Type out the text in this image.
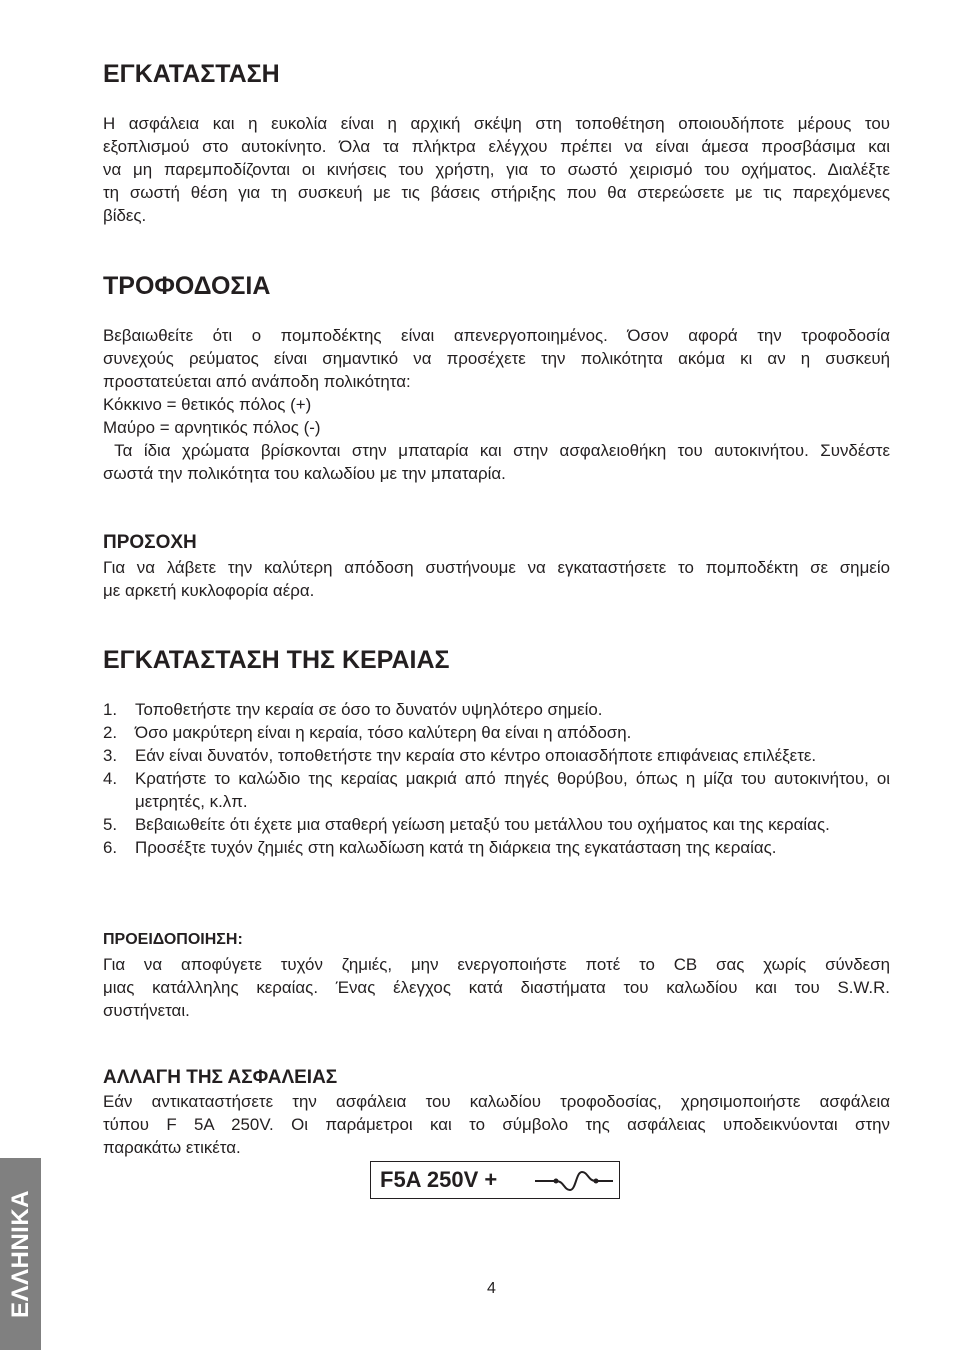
ΕΓΚΑΤΑΣΤΑΣΗ
Η ασφάλεια και η ευκολία είναι η αρχική σκέψη στη τοποθέτηση οποιουδήποτε μέρους του
εξοπλισμού στο αυτοκίνητο. Όλα τα πλήκτρα ελέγχου πρέπει να είναι άμεσα προσβάσιμα και
να μη παρεμποδίζονται οι κινήσεις του χρήστη, για το σωστό χειρισμό του οχήματος. Διαλέξτε
τη σωστή θέση για τη συσκευή με τις βάσεις στήριξης που θα στερεώσετε με τις παρεχόμενες
βίδες.
ΤΡΟΦΟΔΟΣΙΑ
Βεβαιωθείτε ότι ο πομποδέκτης είναι απενεργοποιημένος. Όσον αφορά την τροφοδοσία
συνεχούς ρεύματος είναι σημαντικό να προσέχετε την πολικότητα ακόμα κι αν η συσκευή
προστατεύεται από ανάποδη πολικότητα:
Κόκκινο = θετικός πόλος (+)
Μαύρο = αρνητικός πόλος (-)
Τα ίδια χρώματα βρίσκονται στην μπαταρία και στην ασφαλειοθήκη του αυτοκινήτου. Συνδέστε
σωστά την πολικότητα του καλωδίου με την μπαταρία.
ΠΡΟΣΟΧΗ
Για να λάβετε την καλύτερη απόδοση συστήνουμε να εγκαταστήσετε το πομποδέκτη σε σημείο
με αρκετή κυκλοφορία αέρα.
ΕΓΚΑΤΑΣΤΑΣΗ ΤΗΣ ΚΕΡΑΙΑΣ
1. Τοποθετήστε την κεραία σε όσο το δυνατόν υψηλότερο σημείο.
2. Όσο μακρύτερη είναι η κεραία, τόσο καλύτερη θα είναι η απόδοση.
3. Εάν είναι δυνατόν, τοποθετήστε την κεραία στο κέντρο οποιασδήποτε επιφάνειας επιλέξετε.
4. Κρατήστε το καλώδιο της κεραίας μακριά από πηγές θορύβου, όπως η μίζα του αυτοκινήτου, οι μετρητές, κ.λπ.
5. Βεβαιωθείτε ότι έχετε μια σταθερή γείωση μεταξύ του μετάλλου του οχήματος και της κεραίας.
6. Προσέξτε τυχόν ζημιές στη καλωδίωση κατά τη διάρκεια της εγκατάσταση της κεραίας.
ΠΡΟΕΙΔΟΠΟΙΗΣΗ:
Για να αποφύγετε τυχόν ζημιές, μην ενεργοποιήστε ποτέ το CB σας χωρίς σύνδεση
μιας κατάλληλης κεραίας. Ένας έλεγχος κατά διαστήματα του καλωδίου και του S.W.R.
συστήνεται.
ΑΛΛΑΓΗ ΤΗΣ ΑΣΦΑΛΕΙΑΣ
Εάν αντικαταστήσετε την ασφάλεια του καλωδίου τροφοδοσίας, χρησιμοποιήστε ασφάλεια
τύπου F 5A 250V. Οι παράμετροι και το σύμβολο της ασφάλειας υποδεικνύονται στην
παρακάτω ετικέτα.
F5A 250V +
ΕΛΛΗΝΙΚΑ	4
